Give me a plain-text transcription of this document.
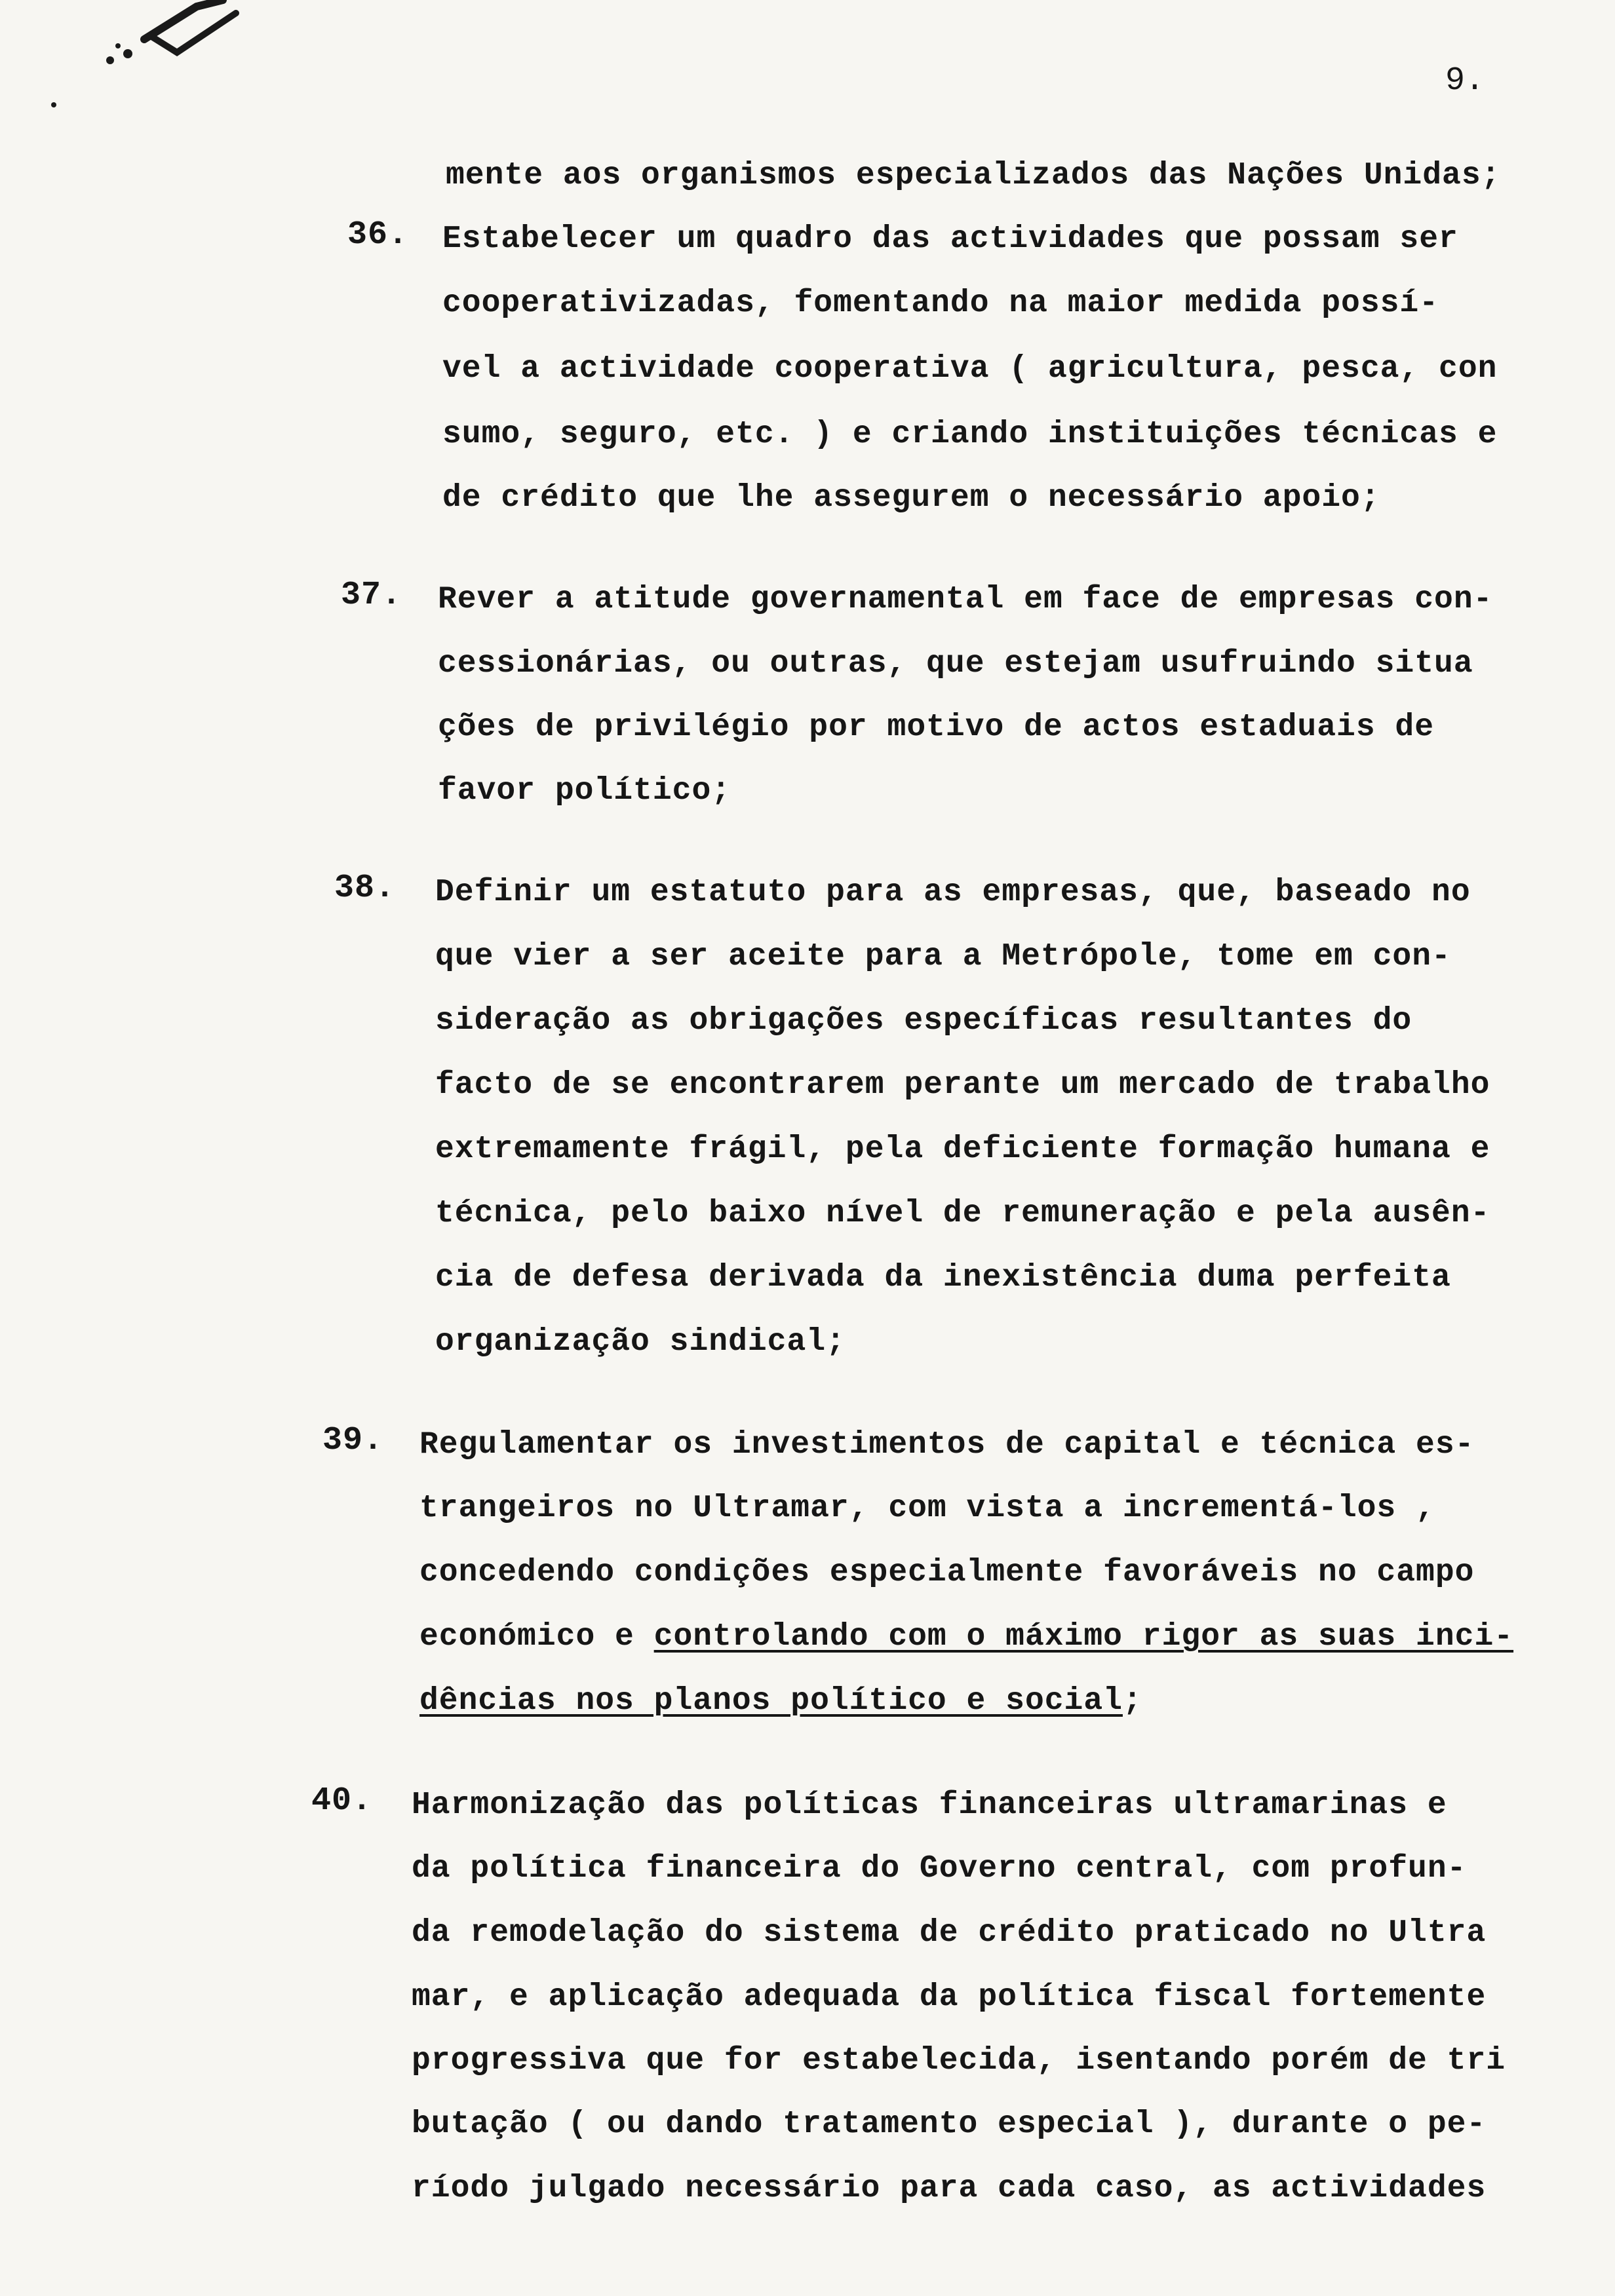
9.
mente aos organismos especializados das Nações Unidas;
36. Estabelecer um quadro das actividades que possam ser
cooperativizadas, fomentando na maior medida possí-
vel a actividade cooperativa ( agricultura, pesca, con
sumo, seguro, etc. ) e criando instituições técnicas e
de crédito que lhe assegurem o necessário apoio;
37. Rever a atitude governamental em face de empresas con-
cessionárias, ou outras, que estejam usufruindo situa
ções de privilégio por motivo de actos estaduais de
favor político;
38. Definir um estatuto para as empresas, que, baseado no
que vier a ser aceite para a Metrópole, tome em con-
sideração as obrigações específicas resultantes do
facto de se encontrarem perante um mercado de trabalho
extremamente frágil, pela deficiente formação humana e
técnica, pelo baixo nível de remuneração e pela ausên-
cia de defesa derivada da inexistência duma perfeita
organização sindical;
39. Regulamentar os investimentos de capital e técnica es-
trangeiros no Ultramar, com vista a incrementá-los ,
concedendo condições especialmente favoráveis no campo
económico e controlando com o máximo rigor as suas inci-
dências nos planos político e social;
40. Harmonização das políticas financeiras ultramarinas e
da política financeira do Governo central, com profun-
da remodelação do sistema de crédito praticado no Ultra
mar, e aplicação adequada da política fiscal fortemente
progressiva que for estabelecida, isentando porém de tri
butação ( ou dando tratamento especial ), durante o pe-
ríodo julgado necessário para cada caso, as actividades
